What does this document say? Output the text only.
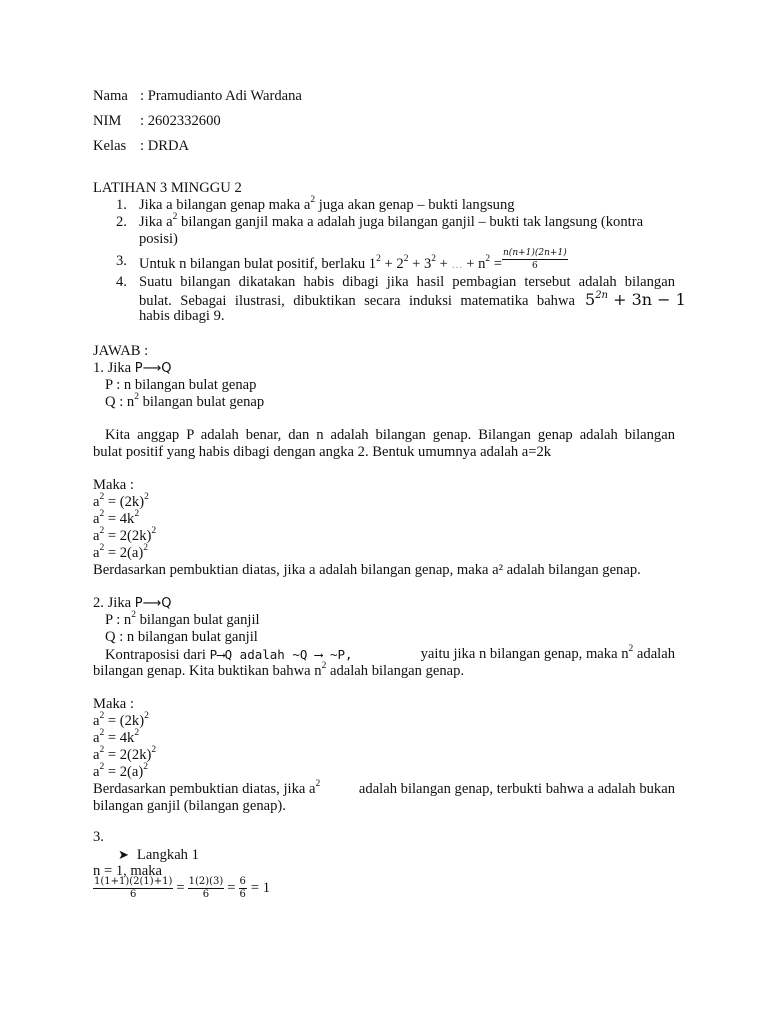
Nama : Pramudianto Adi Wardana
NIM : 2602332600
Kelas : DRDA
LATIHAN 3 MINGGU 2
1. Jika a bilangan genap maka $a^2$ juga akan genap – bukti langsung
2. Jika $a^2$ bilangan ganjil maka a adalah juga bilangan ganjil – bukti tak langsung (kontra posisi)
3. Untuk n bilangan bulat positif, berlaku $1^2 + 2^2 + 3^2$ + … + $n^2 = \frac{n(n+1)(2n+1)}{6}$
4. Suatu bilangan dikatakan habis dibagi jika hasil pembagian tersebut adalah bilangan
bulat. Sebagai ilustrasi, dibuktikan secara induksi matematika bahwa $5^{2n} + 3n - 1$
habis dibagi 9.
JAWAB :
1. Jika P⟶Q
P : n bilangan bulat genap
Q : $n^2$ bilangan bulat genap
Kita anggap P adalah benar, dan n adalah bilangan genap. Bilangan genap adalah bilangan
bulat positif yang habis dibagi dengan angka 2. Bentuk umumnya adalah a=2k
Maka :
$a^2 = (2k)^2$
$a^2 = 4k^2$
$a^2 = 2(2k)^2$
$a^2 = 2(a)^2$
Berdasarkan pembuktian diatas, jika a adalah bilangan genap, maka a² adalah bilangan genap.
2. Jika P⟶Q
P : $n^2$ bilangan bulat ganjil
Q : n bilangan bulat ganjil
Kontraposisi dari P⟶Q adalah ~Q ⟶ ~P,	yaitu jika n bilangan genap, maka $n^2$ adalah
bilangan genap. Kita buktikan bahwa $n^2$ adalah bilangan genap.
Maka :
$a^2 = (2k)^2$
$a^2 = 4k^2$
$a^2 = 2(2k)^2$
$a^2 = 2(a)^2$
Berdasarkan pembuktian diatas, jika $a^2$	adalah bilangan genap, terbukti bahwa a adalah bukan
bilangan ganjil (bilangan genap).
3.
➤ Langkah 1
n = 1, maka
$\frac{1(1+1)(2(1)+1)}{6} = \frac{1(2)(3)}{6} = \frac{6}{6} = 1$
